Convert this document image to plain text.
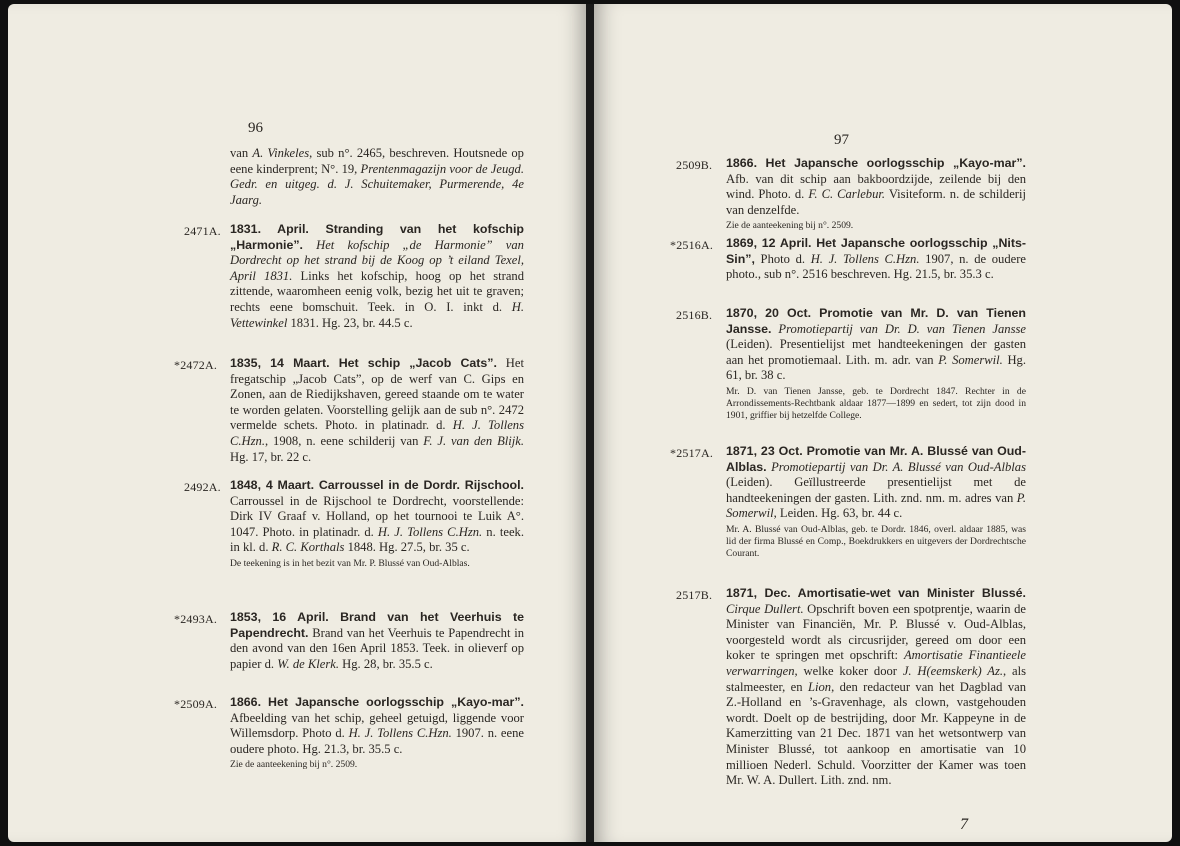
96

van A. Vinkeles, sub n°. 2465, beschreven. Houtsnede op eene kinderprent; N°. 19, Prentenmagazijn voor de Jeugd. Gedr. en uitgeg. d. J. Schuitemaker, Purmerende, 4e Jaarg.

2471A. 1831. April. Stranding van het kofschip „Harmonie”. Het kofschip „de Harmonie” van Dordrecht op het strand bij de Koog op ’t eiland Texel, April 1831. Links het kofschip, hoog op het strand zittende, waaromheen eenig volk, bezig het uit te graven; rechts eene bomschuit. Teek. in O. I. inkt d. H. Vettewinkel 1831. Hg. 23, br. 44.5 c.

*2472A. 1835, 14 Maart. Het schip „Jacob Cats”. Het fregatschip „Jacob Cats”, op de werf van C. Gips en Zonen, aan de Riedijkshaven, gereed staande om te water te worden gelaten. Voorstelling gelijk aan de sub n°. 2472 vermelde schets. Photo. in platinadr. d. H. J. Tollens C.Hzn., 1908, n. eene schilderij van F. J. van den Blijk. Hg. 17, br. 22 c.

2492A. 1848, 4 Maart. Carroussel in de Dordr. Rijschool. Carroussel in de Rijschool te Dordrecht, voorstellende: Dirk IV Graaf v. Holland, op het tournooi te Luik A°. 1047. Photo. in platinadr. d. H. J. Tollens C.Hzn. n. teek. in kl. d. R. C. Korthals 1848. Hg. 27.5, br. 35 c.

De teekening is in het bezit van Mr. P. Blussé van Oud-Alblas.

*2493A. 1853, 16 April. Brand van het Veerhuis te Papendrecht. Brand van het Veerhuis te Papendrecht in den avond van den 16en April 1853. Teek. in olieverf op papier d. W. de Klerk. Hg. 28, br. 35.5 c.

*2509A. 1866. Het Japansche oorlogsschip „Kayo-mar”. Afbeelding van het schip, geheel getuigd, liggende voor Willemsdorp. Photo d. H. J. Tollens C.Hzn. 1907. n. eene oudere photo. Hg. 21.3, br. 35.5 c.

Zie de aanteekening bij n°. 2509.

97
2509B. 1866. Het Japansche oorlogsschip „Kayo-mar”. Afb. van dit schip aan bakboordzijde, zeilende bij den wind. Photo. d. F. C. Carlebur. Visiteform. n. de schilderij van denzelfde.

Zie de aanteekening bij n°. 2509.

*2516A. 1869, 12 April. Het Japansche oorlogsschip „Nits-Sin”, Photo d. H. J. Tollens C.Hzn. 1907, n. de oudere photo., sub n°. 2516 beschreven. Hg. 21.5, br. 35.3 c.

2516B. 1870, 20 Oct. Promotie van Mr. D. van Tienen Jansse. Promotiepartij van Dr. D. van Tienen Jansse (Leiden). Presentielijst met handteekeningen der gasten aan het promotiemaal. Lith. m. adr. van P. Somerwil. Hg. 61, br. 38 c.

Mr. D. van Tienen Jansse, geb. te Dordrecht 1847. Rechter in de Arrondissements-Rechtbank aldaar 1877—1899 en sedert, tot zijn dood in 1901, griffier bij hetzelfde College.

*2517A. 1871, 23 Oct. Promotie van Mr. A. Blussé van Oud-Alblas. Promotiepartij van Dr. A. Blussé van Oud-Alblas (Leiden). Geïllustreerde presentielijst met de handteekeningen der gasten. Lith. znd. nm. m. adres van P. Somerwil, Leiden. Hg. 63, br. 44 c.

Mr. A. Blussé van Oud-Alblas, geb. te Dordr. 1846, overl. aldaar 1885, was lid der firma Blussé en Comp., Boekdrukkers en uitgevers der Dordrechtsche Courant.

2517B. 1871, Dec. Amortisatie-wet van Minister Blussé. Cirque Dullert. Opschrift boven een spotprentje, waarin de Minister van Financiën, Mr. P. Blussé v. Oud-Alblas, voorgesteld wordt als circusrijder, gereed om door een koker te springen met opschrift: Amortisatie Finantieele verwarringen, welke koker door J. H(eemskerk) Az., als stalmeester, en Lion, den redacteur van het Dagblad van Z.-Holland en ’s-Gravenhage, als clown, vastgehouden wordt. Doelt op de bestrijding, door Mr. Kappeyne in de Kamerzitting van 21 Dec. 1871 van het wetsontwerp van Minister Blussé, tot aankoop en amortisatie van 10 millioen Nederl. Schuld. Voorzitter der Kamer was toen Mr. W. A. Dullert. Lith. znd. nm.

7
